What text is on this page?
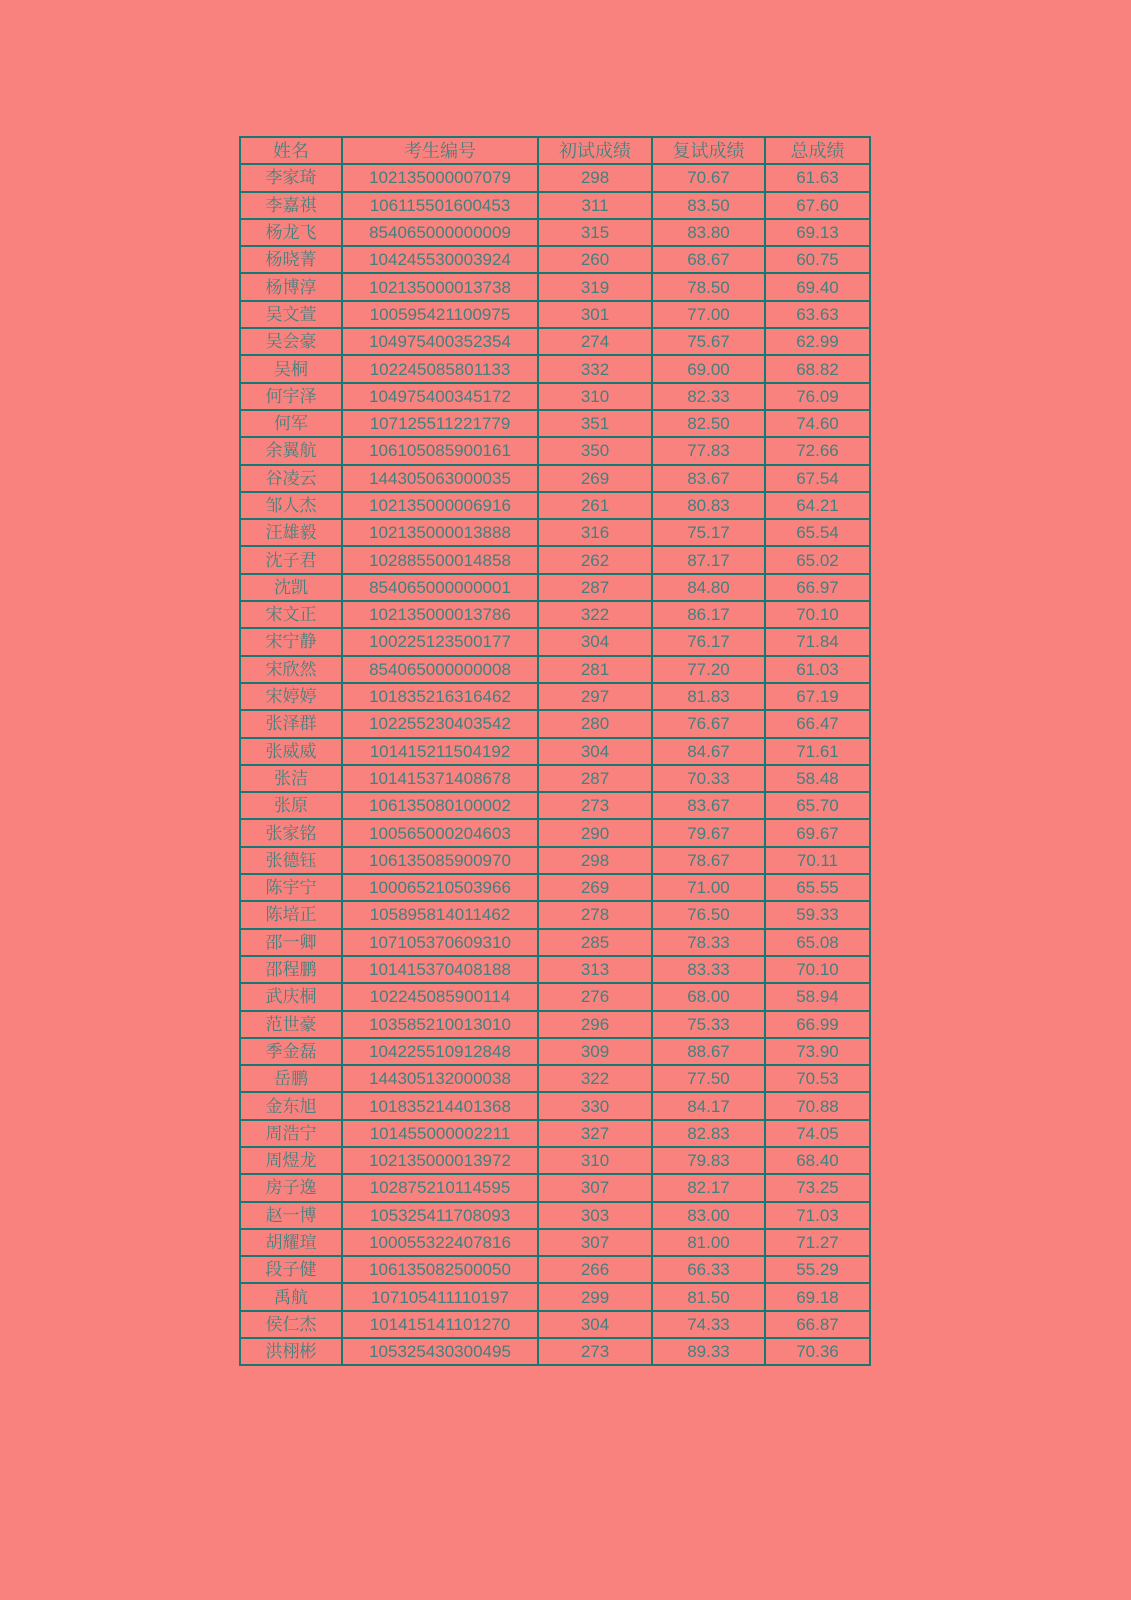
姓名	考生编号	初试成绩	复试成绩	总成绩
李家琦	102135000007079	298	70.67	61.63
李嘉祺	106115501600453	311	83.50	67.60
杨龙飞	854065000000009	315	83.80	69.13
杨晓菁	104245530003924	260	68.67	60.75
杨博淳	102135000013738	319	78.50	69.40
吴文萱	100595421100975	301	77.00	63.63
吴会豪	104975400352354	274	75.67	62.99
吴桐	102245085801133	332	69.00	68.82
何宇泽	104975400345172	310	82.33	76.09
何军	107125511221779	351	82.50	74.60
余翼航	106105085900161	350	77.83	72.66
谷凌云	144305063000035	269	83.67	67.54
邹人杰	102135000006916	261	80.83	64.21
汪雄毅	102135000013888	316	75.17	65.54
沈子君	102885500014858	262	87.17	65.02
沈凯	854065000000001	287	84.80	66.97
宋文正	102135000013786	322	86.17	70.10
宋宁静	100225123500177	304	76.17	71.84
宋欣然	854065000000008	281	77.20	61.03
宋婷婷	101835216316462	297	81.83	67.19
张泽群	102255230403542	280	76.67	66.47
张威威	101415211504192	304	84.67	71.61
张洁	101415371408678	287	70.33	58.48
张原	106135080100002	273	83.67	65.70
张家铭	100565000204603	290	79.67	69.67
张德钰	106135085900970	298	78.67	70.11
陈宇宁	100065210503966	269	71.00	65.55
陈培正	105895814011462	278	76.50	59.33
邵一卿	107105370609310	285	78.33	65.08
邵程鹏	101415370408188	313	83.33	70.10
武庆桐	102245085900114	276	68.00	58.94
范世豪	103585210013010	296	75.33	66.99
季金磊	104225510912848	309	88.67	73.90
岳鹏	144305132000038	322	77.50	70.53
金东旭	101835214401368	330	84.17	70.88
周浩宁	101455000002211	327	82.83	74.05
周煜龙	102135000013972	310	79.83	68.40
房子逸	102875210114595	307	82.17	73.25
赵一博	105325411708093	303	83.00	71.03
胡耀瑄	100055322407816	307	81.00	71.27
段子健	106135082500050	266	66.33	55.29
禹航	107105411110197	299	81.50	69.18
侯仁杰	101415141101270	304	74.33	66.87
洪栩彬	105325430300495	273	89.33	70.36
